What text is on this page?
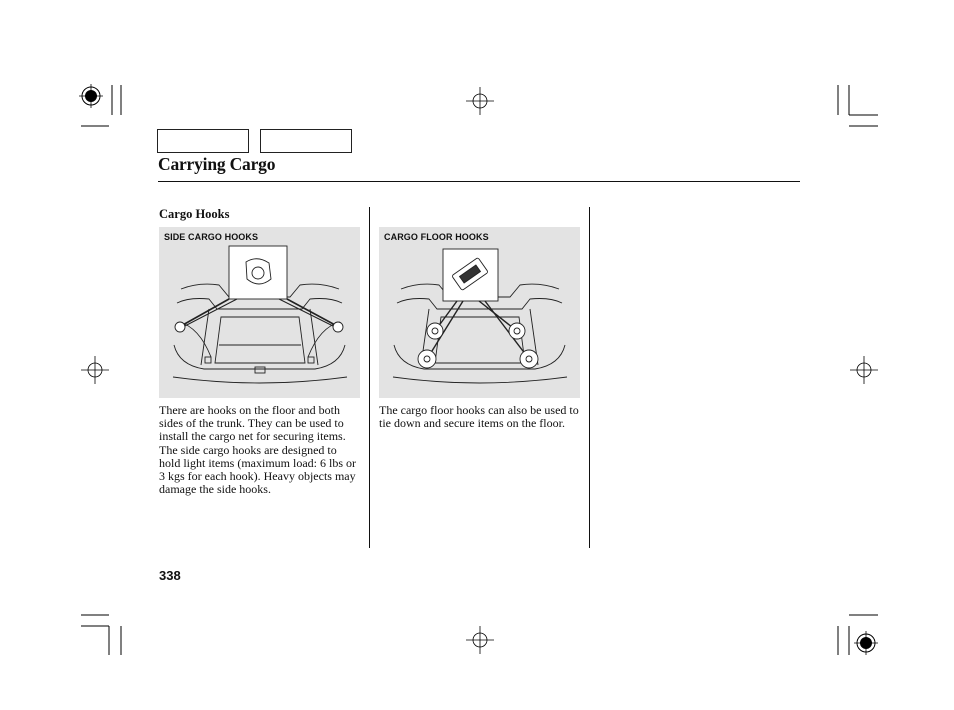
Carrying Cargo
Cargo Hooks
SIDE CARGO HOOKS	CARGO FLOOR HOOKS

There are hooks on the floor and both sides of the trunk. They can be used to install the cargo net for securing items. The side cargo hooks are designed to hold light items (maximum load: 6 lbs or 3 kgs for each hook). Heavy objects may damage the side hooks.

The cargo floor hooks can also be used to tie down and secure items on the floor.

338
